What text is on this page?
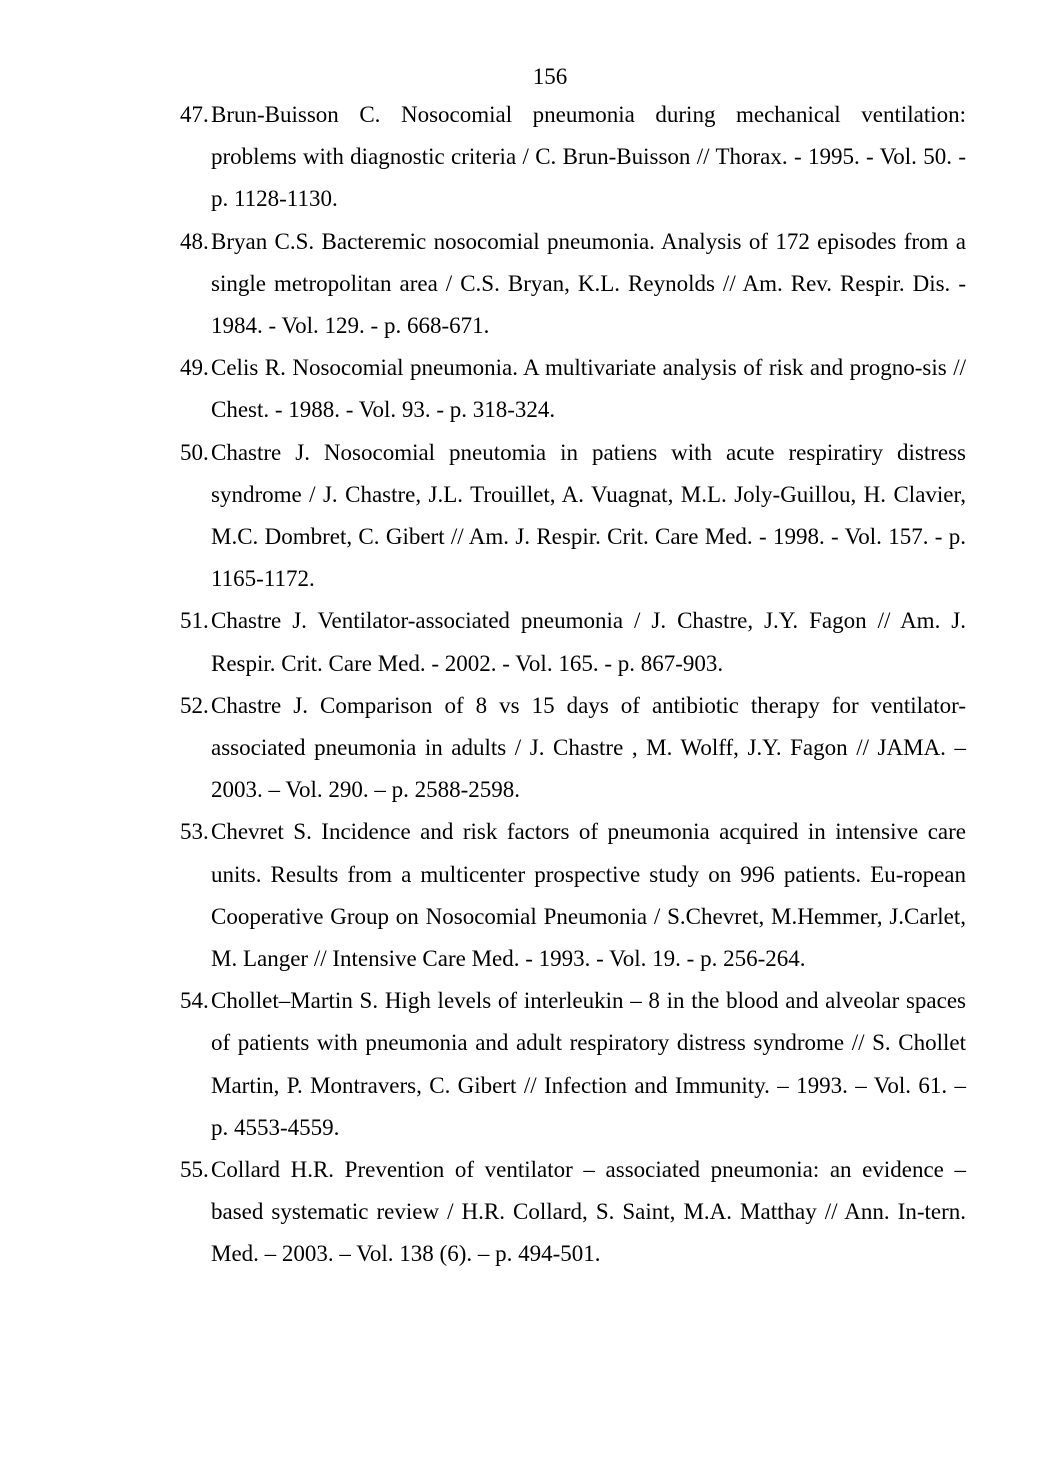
156
47. Brun-Buisson C. Nosocomial pneumonia during mechanical ventilation: problems with diagnostic criteria / C. Brun-Buisson // Thorax. - 1995. - Vol. 50. - p. 1128-1130.
48. Bryan C.S. Bacteremic nosocomial pneumonia. Analysis of 172 episodes from a single metropolitan area / C.S. Bryan, K.L. Reynolds // Am. Rev. Respir. Dis. - 1984. - Vol. 129. - p. 668-671.
49. Celis R. Nosocomial pneumonia. A multivariate analysis of risk and progno-sis // Chest. - 1988. - Vol. 93. - p. 318-324.
50. Chastre J. Nosocomial pneutomia in patiens with acute respiratiry distress syndrome / J. Chastre, J.L. Trouillet, A. Vuagnat, M.L. Joly-Guillou, H. Clavier, M.C. Dombret, C. Gibert // Am. J. Respir. Crit. Care Med. - 1998. - Vol. 157. - p. 1165-1172.
51. Chastre J. Ventilator-associated pneumonia / J. Chastre, J.Y. Fagon // Am. J. Respir. Crit. Care Med. - 2002. - Vol. 165. - p. 867-903.
52. Chastre J. Comparison of 8 vs 15 days of antibiotic therapy for ventilator-associated pneumonia in adults / J. Chastre , M. Wolff, J.Y. Fagon // JAMA. – 2003. – Vol. 290. – p. 2588-2598.
53. Chevret S. Incidence and risk factors of pneumonia acquired in intensive care units. Results from a multicenter prospective study on 996 patients. Eu-ropean Cooperative Group on Nosocomial Pneumonia / S.Chevret, M.Hemmer, J.Carlet, M. Langer // Intensive Care Med. - 1993. - Vol. 19. - p. 256-264.
54. Chollet–Martin S. High levels of interleukin – 8 in the blood and alveolar spaces of patients with pneumonia and adult respiratory distress syndrome // S. Chollet Martin, P. Montravers, C. Gibert // Infection and Immunity. – 1993. – Vol. 61. – p. 4553-4559.
55. Collard H.R. Prevention of ventilator – associated pneumonia: an evidence – based systematic review / H.R. Collard, S. Saint, M.A. Matthay // Ann. In-tern. Med. – 2003. – Vol. 138 (6). – p. 494-501.
